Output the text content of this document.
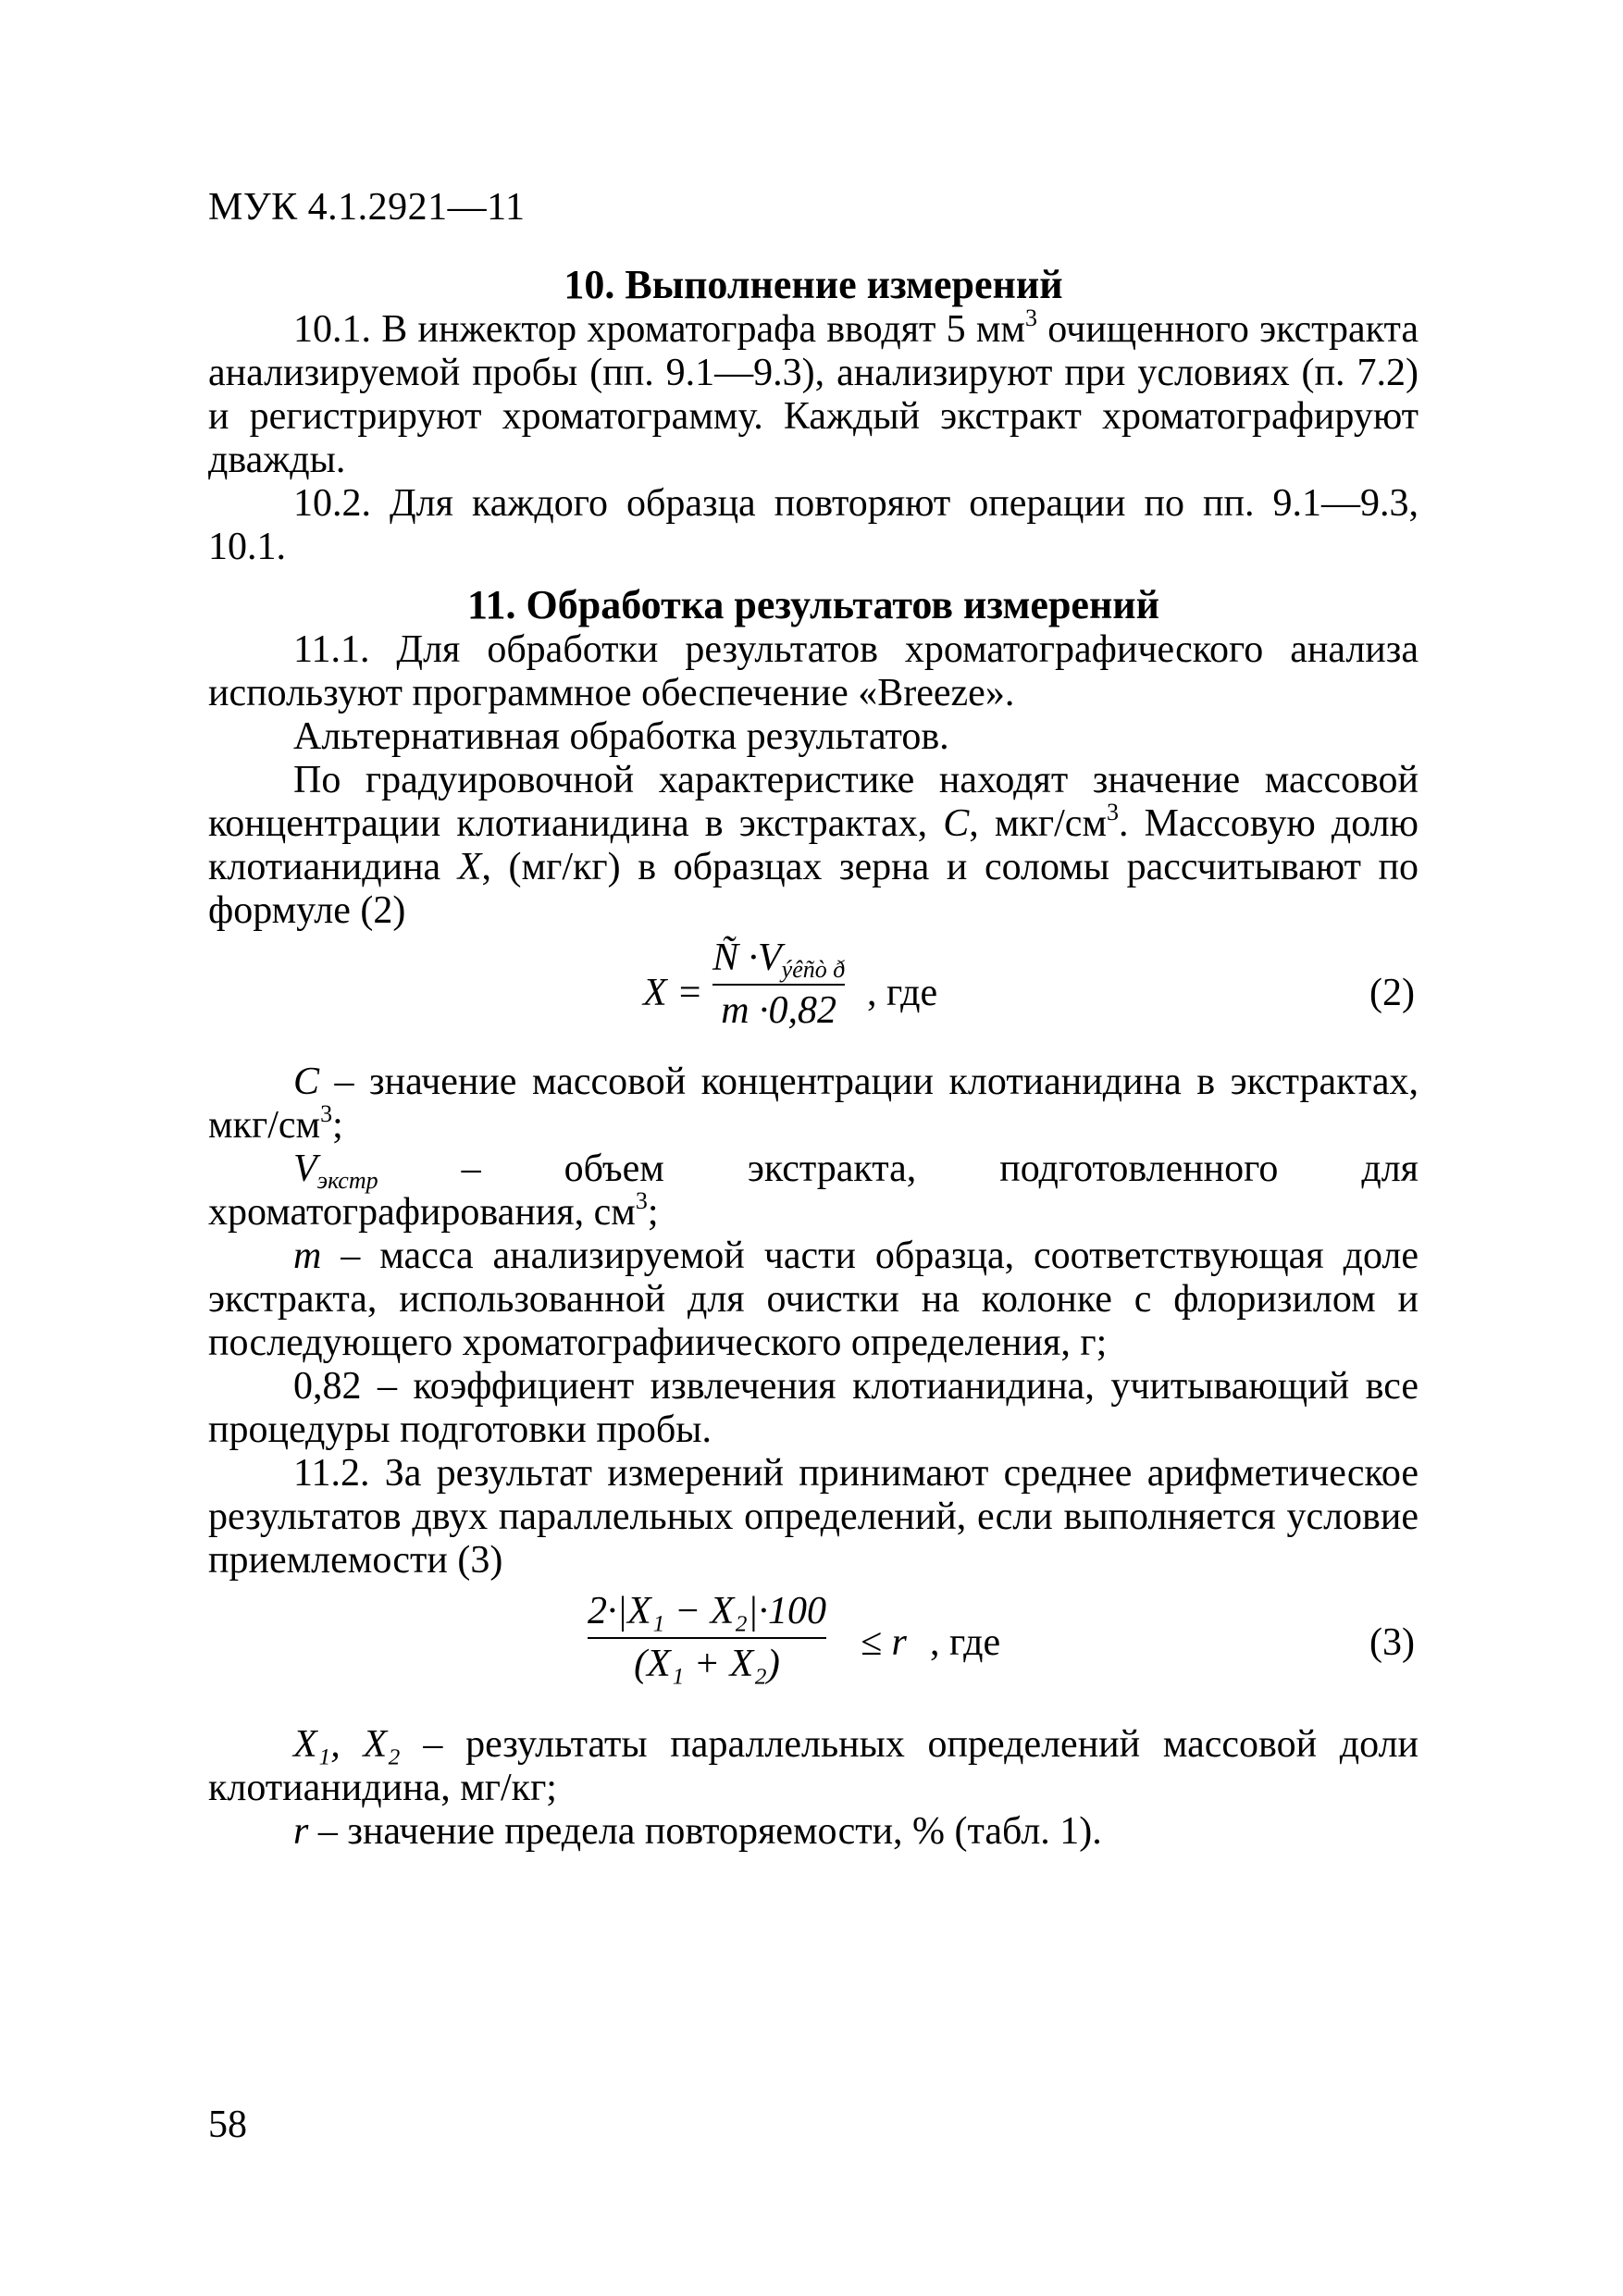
МУК 4.1.2921—11

10. Выполнение измерений

10.1. В инжектор хроматографа вводят 5 $мм^3$ очищенного экстракта анализируемой пробы (пп. 9.1—9.3), анализируют при условиях (п. 7.2) и регистрируют хроматограмму. Каждый экстракт хроматографируют дважды.

10.2. Для каждого образца повторяют операции по пп. 9.1—9.3, 10.1.

11. Обработка результатов измерений

11.1. Для обработки результатов хроматографического анализа используют программное обеспечение «Breeze».

Альтернативная обработка результатов.

По градуировочной характеристике находят значение массовой концентрации клотианидина в экстрактах, C, мкг/$см^3$. Массовую долю клотианидина X, (мг/кг) в образцах зерна и соломы рассчитывают по формуле (2)

X =
Ñ $\cdot V_{ýêñò ð}$
m ·0,82 , где	(2)

C – значение массовой концентрации клотианидина в экстрактах, мкг/$см^3$;

$V_{экстр}$ – объем экстракта, подготовленного для хроматографирования, $см^3$;

m – масса анализируемой части образца, соответствующая доле экстракта, использованной для очистки на колонке с флоризилом и последующего хроматографиического определения, г;

0,82 – коэффициент извлечения клотианидина, учитывающий все процедуры подготовки пробы.

11.2. За результат измерений принимают среднее арифметическое результатов двух параллельных определений, если выполняется условие приемлемости (3)

2·|X₁ − X₂|·100
(X₁ + X₂)	≤ r , где	(3)

X₁, X₂ – результаты параллельных определений массовой доли клотианидина, мг/кг;

r – значение предела повторяемости, % (табл. 1).

58
